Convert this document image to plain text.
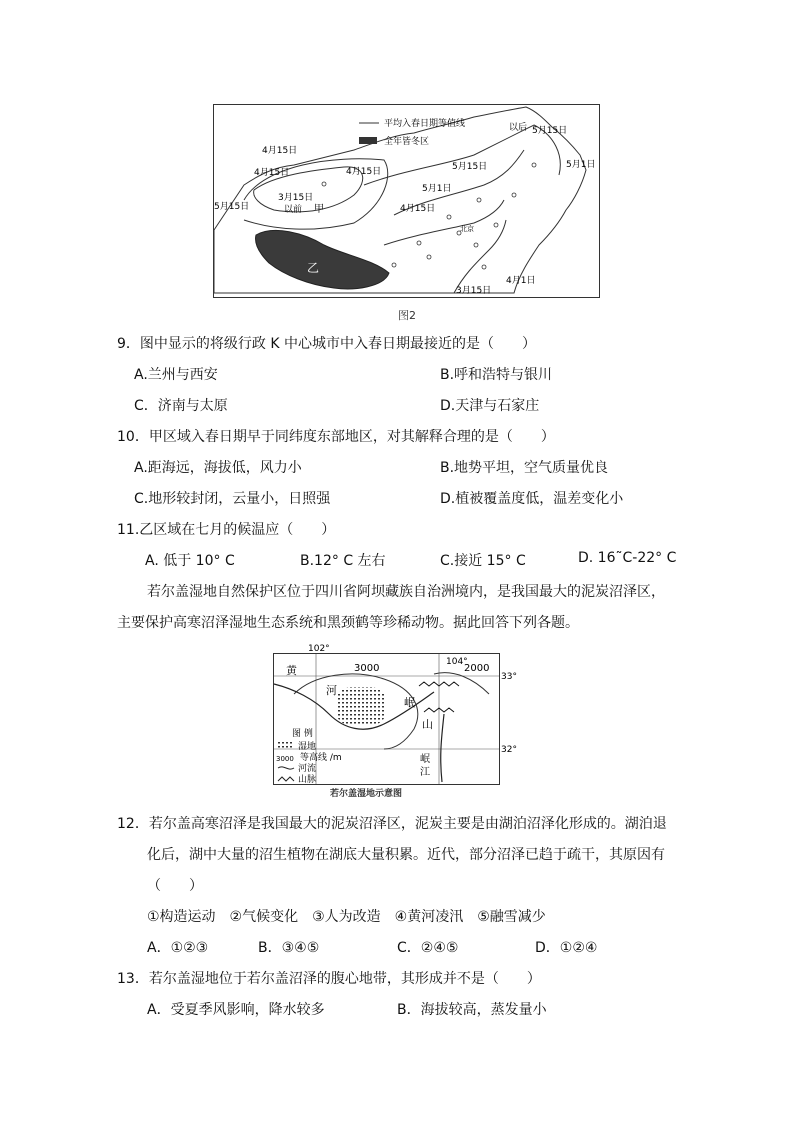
平均入春日期等值线
全年皆冬区
以后 5月15日
5月1日
4月15日
4月15日	4月15日	5月15日
5月15日
3月15日
以前 甲
5月1日
4月15日
北京
乙
4月1日
3月15日
图2
9．图中显示的将级行政 K 中心城市中入春日期最接近的是（　　）
A.兰州与西安	B.呼和浩特与银川
C．济南与太原	D.天津与石家庄
10．甲区域入春日期早于同纬度东部地区，对其解释合理的是（　　）
A.距海远，海拔低，风力小	B.地势平坦，空气质量优良
C.地形较封闭，云量小，日照强	D.植被覆盖度低，温差变化小
11.乙区域在七月的候温应（　　）
A. 低于 10° C	B.12° C 左右	C.接近 15° C	D. 16˜C-22° C
若尔盖湿地自然保护区位于四川省阿坝藏族自治洲境内，是我国最大的泥炭沼泽区，
主要保护高寒沼泽湿地生态系统和黑颈鹤等珍稀动物。据此回答下列各题。
102°
104°
33°
32°
3000	2000
黄
河
岷
山
岷
江
图 例
湿地
3000 等高线 /m
河流
山脉
若尔盖湿地示意图
12．若尔盖高寒沼泽是我国最大的泥炭沼泽区，泥炭主要是由湖泊沼泽化形成的。湖泊退
化后，湖中大量的沼生植物在湖底大量积累。近代，部分沼泽已趋于疏干，其原因有
（　　）
①构造运动　②气候变化　③人为改造　④黄河凌汛　⑤融雪减少
A．①②③	B．③④⑤	C．②④⑤	D．①②④
13．若尔盖湿地位于若尔盖沼泽的腹心地带，其形成并不是（　　）
A．受夏季风影响，降水较多	B．海拔较高，蒸发量小
